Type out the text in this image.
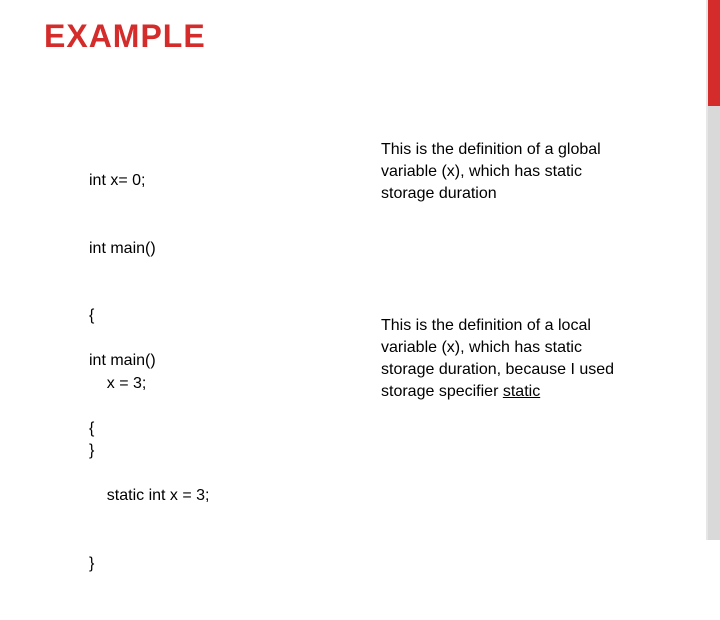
EXAMPLE

int x= 0;

int main()

{

x = 3;

}

This is the definition of a global
variable (x), which has static
storage duration

int main()

{

static int x = 3;

}

This is the definition of a local
variable (x), which has static
storage duration, because I used
storage specifier static
